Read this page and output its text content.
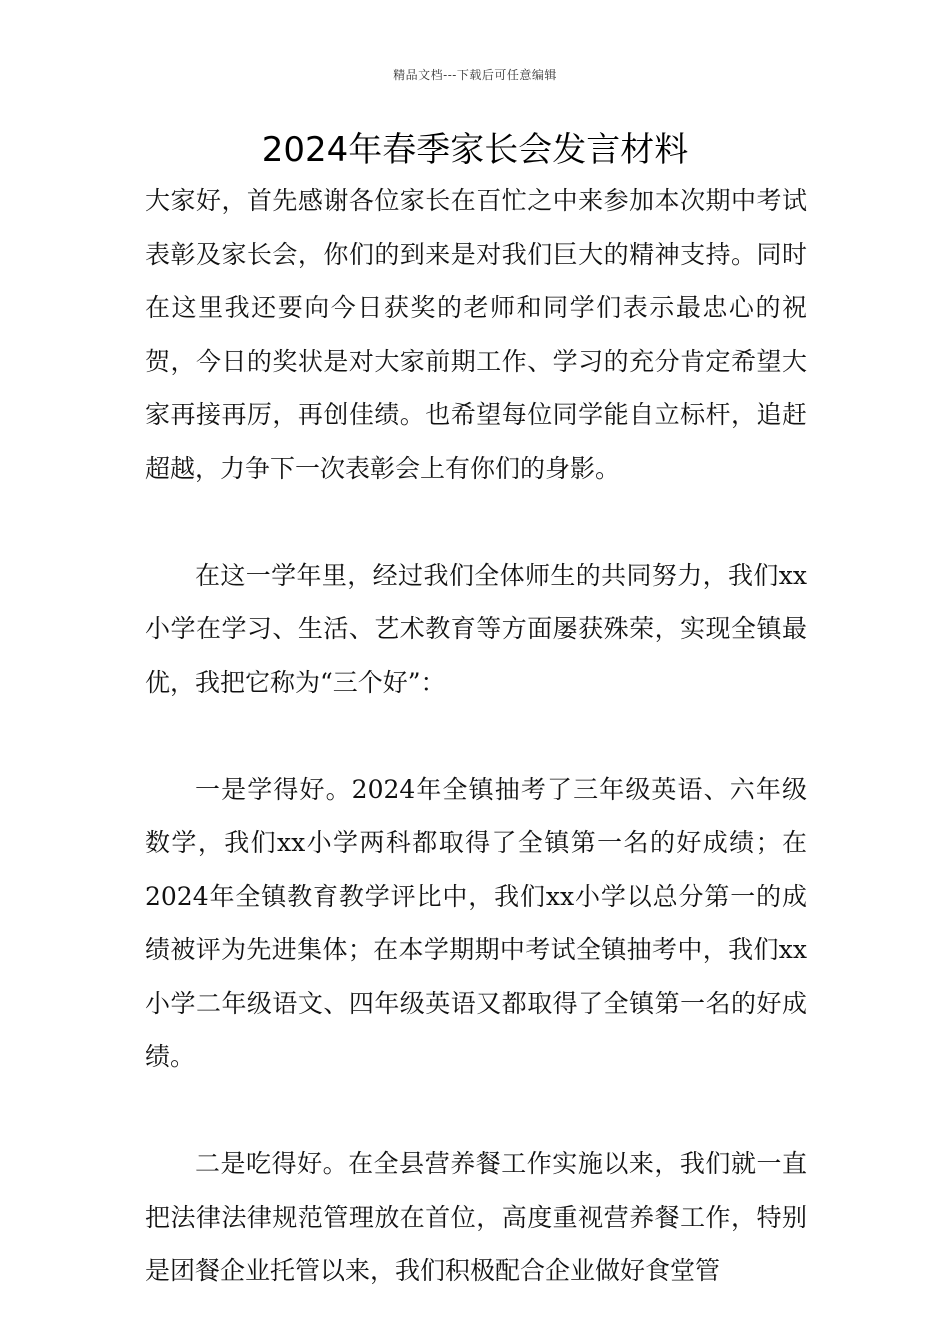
精品文档---下载后可任意编辑
2024年春季家长会发言材料

大家好，首先感谢各位家长在百忙之中来参加本次期中考试表彰及家长会，你们的到来是对我们巨大的精神支持。同时在这里我还要向今日获奖的老师和同学们表示最忠心的祝贺，今日的奖状是对大家前期工作、学习的充分肯定希望大家再接再厉，再创佳绩。也希望每位同学能自立标杆，追赶超越，力争下一次表彰会上有你们的身影。

在这一学年里，经过我们全体师生的共同努力，我们xx小学在学习、生活、艺术教育等方面屡获殊荣，实现全镇最优，我把它称为“三个好”：

一是学得好。2024年全镇抽考了三年级英语、六年级数学，我们xx小学两科都取得了全镇第一名的好成绩；在2024年全镇教育教学评比中，我们xx小学以总分第一的成绩被评为先进集体；在本学期期中考试全镇抽考中，我们xx小学二年级语文、四年级英语又都取得了全镇第一名的好成绩。

二是吃得好。在全县营养餐工作实施以来，我们就一直把法律法律规范管理放在首位，高度重视营养餐工作，特别是团餐企业托管以来，我们积极配合企业做好食堂管
